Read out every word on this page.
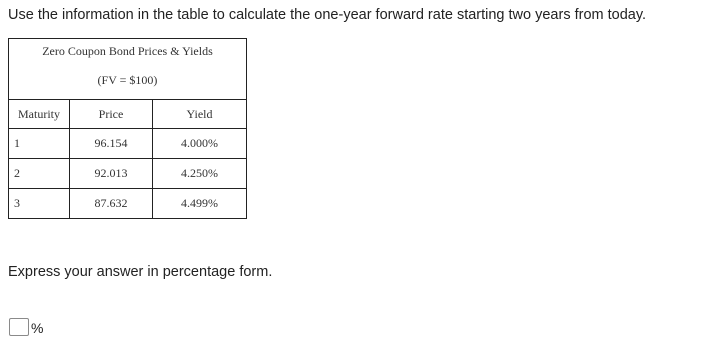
Use the information in the table to calculate the one-year forward rate starting two years from today.
Zero Coupon Bond Prices & Yields
(FV = $100)		

Maturity	Price	Yield
1	96.154	4.000%
2	92.013	4.250%
3	87.632	4.499%
Express your answer in percentage form.
%
